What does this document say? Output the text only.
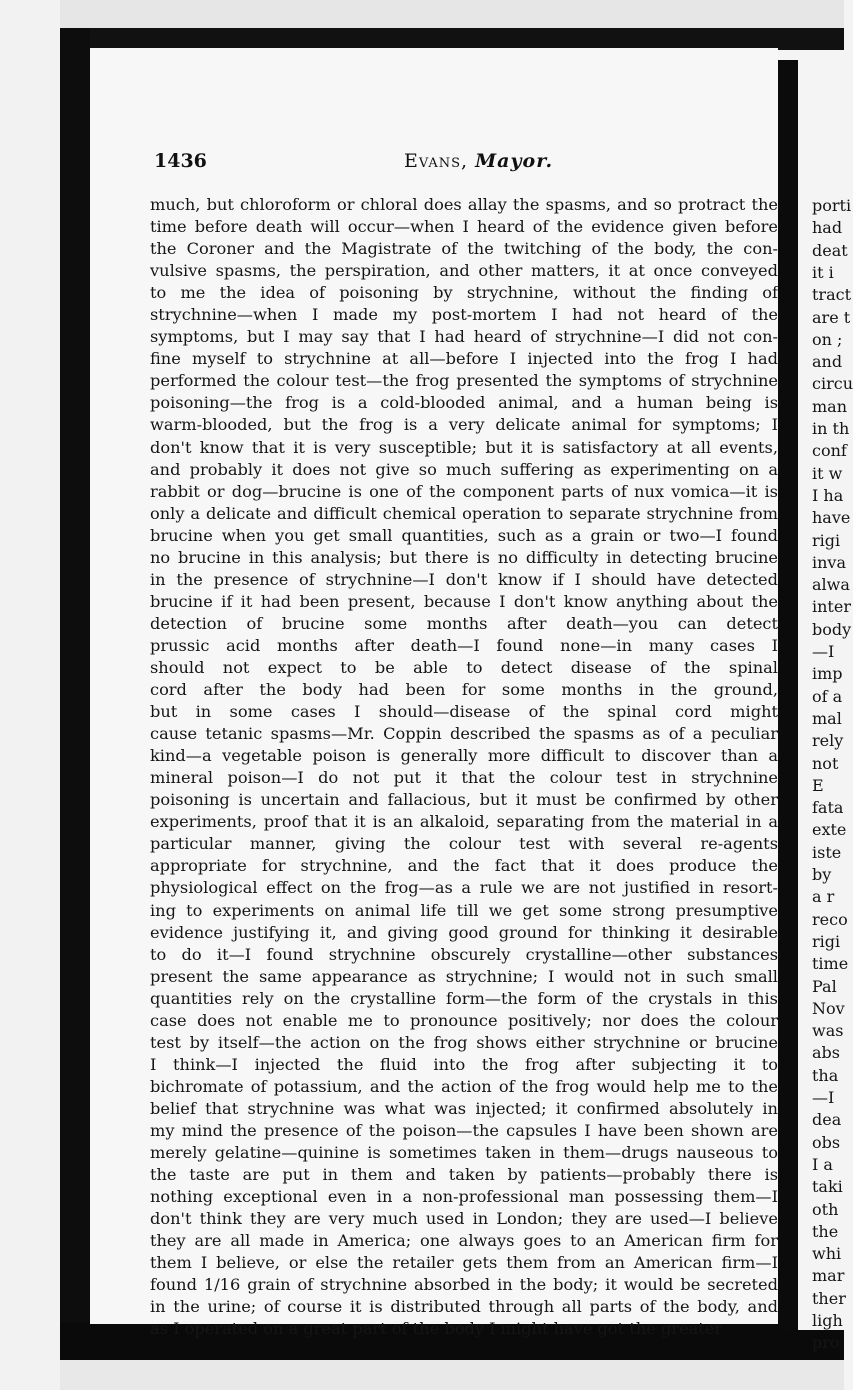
1436	Evans, Mayor.
much, but chloroform or chloral does allay the spasms, and so protract the
time before death will occur—when I heard of the evidence given before
the Coroner and the Magistrate of the twitching of the body, the con-
vulsive spasms, the perspiration, and other matters, it at once conveyed
to me the idea of poisoning by strychnine, without the finding of
strychnine—when I made my post-mortem I had not heard of the
symptoms, but I may say that I had heard of strychnine—I did not con-
fine myself to strychnine at all—before I injected into the frog I had
performed the colour test—the frog presented the symptoms of strychnine
poisoning—the frog is a cold-blooded animal, and a human being is
warm-blooded, but the frog is a very delicate animal for symptoms; I
don't know that it is very susceptible; but it is satisfactory at all events,
and probably it does not give so much suffering as experimenting on a
rabbit or dog—brucine is one of the component parts of nux vomica—it is
only a delicate and difficult chemical operation to separate strychnine from
brucine when you get small quantities, such as a grain or two—I found
no brucine in this analysis; but there is no difficulty in detecting brucine
in the presence of strychnine—I don't know if I should have detected
brucine if it had been present, because I don't know anything about the
detection of brucine some months after death—you can detect
prussic acid months after death—I found none—in many cases I
should not expect to be able to detect disease of the spinal
cord after the body had been for some months in the ground,
but in some cases I should—disease of the spinal cord might
cause tetanic spasms—Mr. Coppin described the spasms as of a peculiar
kind—a vegetable poison is generally more difficult to discover than a
mineral poison—I do not put it that the colour test in strychnine
poisoning is uncertain and fallacious, but it must be confirmed by other
experiments, proof that it is an alkaloid, separating from the material in a
particular manner, giving the colour test with several re-agents
appropriate for strychnine, and the fact that it does produce the
physiological effect on the frog—as a rule we are not justified in resort-
ing to experiments on animal life till we get some strong presumptive
evidence justifying it, and giving good ground for thinking it desirable
to do it—I found strychnine obscurely crystalline—other substances
present the same appearance as strychnine; I would not in such small
quantities rely on the crystalline form—the form of the crystals in this
case does not enable me to pronounce positively; nor does the colour
test by itself—the action on the frog shows either strychnine or brucine
I think—I injected the fluid into the frog after subjecting it to
bichromate of potassium, and the action of the frog would help me to the
belief that strychnine was what was injected; it confirmed absolutely in
my mind the presence of the poison—the capsules I have been shown are
merely gelatine—quinine is sometimes taken in them—drugs nauseous to
the taste are put in them and taken by patients—probably there is
nothing exceptional even in a non-professional man possessing them—I
don't think they are very much used in London; they are used—I believe
they are all made in America; one always goes to an American firm for
them I believe, or else the retailer gets them from an American firm—I
found 1/16 grain of strychnine absorbed in the body; it would be secreted
in the urine; of course it is distributed through all parts of the body, and
as I operated on a great part of the body I might have got the greater
porti
had
deat
it i
tract
are t
on ;
and
circu
man
in th
conf
it w
I ha
have
rigi
inva
alwa
inter
body
—I
imp
of a
mal
rely
not
E
fata
exte
iste
by
a r
reco
rigi
time
Pal
Nov
was
abs
tha
—I
dea
obs
I a
taki
oth
the
whi
mar
ther
ligh
pro
